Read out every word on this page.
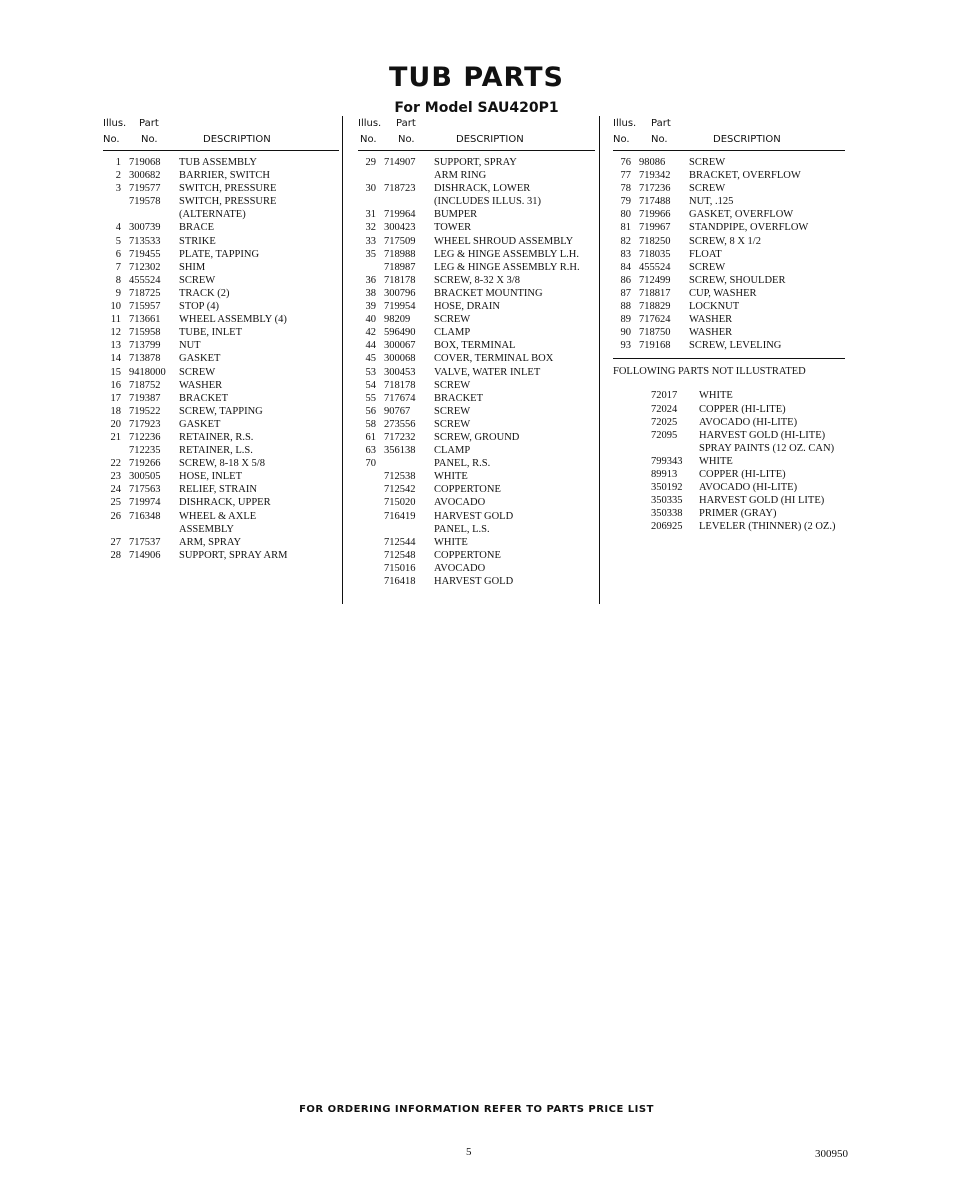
TUB PARTS
For Model SAU420P1
Illus. Part
No. No.	DESCRIPTION
1 719068 TUB ASSEMBLY
2 300682 BARRIER, SWITCH
3 719577 SWITCH, PRESSURE
719578 SWITCH, PRESSURE
(ALTERNATE)
4 300739 BRACE
5 713533 STRIKE
6 719455 PLATE, TAPPING
7 712302 SHIM
8 455524 SCREW
9 718725 TRACK (2)
10 715957 STOP (4)
11 713661 WHEEL ASSEMBLY (4)
12 715958 TUBE, INLET
13 713799 NUT
14 713878 GASKET
15 9418000 SCREW
16 718752 WASHER
17 719387 BRACKET
18 719522 SCREW, TAPPING
20 717923 GASKET
21 712236 RETAINER, R.S.
712235 RETAINER, L.S.
22 719266 SCREW, 8-18 X 5/8
23 300505 HOSE, INLET
24 717563 RELIEF, STRAIN
25 719974 DISHRACK, UPPER
26 716348 WHEEL & AXLE
ASSEMBLY
27 717537 ARM, SPRAY
28 714906 SUPPORT, SPRAY ARM
Illus. Part
No. No.	DESCRIPTION
29 714907 SUPPORT, SPRAY
ARM RING
30 718723 DISHRACK, LOWER
(INCLUDES ILLUS. 31)
31 719964 BUMPER
32 300423 TOWER
33 717509 WHEEL SHROUD ASSEMBLY
35 718988 LEG & HINGE ASSEMBLY L.H.
718987 LEG & HINGE ASSEMBLY R.H.
36 718178 SCREW, 8-32 X 3/8
38 300796 BRACKET MOUNTING
39 719954 HOSE, DRAIN
40 98209 SCREW
42 596490 CLAMP
44 300067 BOX, TERMINAL
45 300068 COVER, TERMINAL BOX
53 300453 VALVE, WATER INLET
54 718178 SCREW
55 717674 BRACKET
56 90767 SCREW
58 273556 SCREW
61 717232 SCREW, GROUND
63 356138 CLAMP
70	PANEL, R.S.
712538 WHITE
712542 COPPERTONE
715020 AVOCADO
716419 HARVEST GOLD
PANEL, L.S.
712544 WHITE
712548 COPPERTONE
715016 AVOCADO
716418 HARVEST GOLD
Illus. Part
No. No.	DESCRIPTION
76 98086 SCREW
77 719342 BRACKET, OVERFLOW
78 717236 SCREW
79 717488 NUT, .125
80 719966 GASKET, OVERFLOW
81 719967 STANDPIPE, OVERFLOW
82 718250 SCREW, 8 X 1/2
83 718035 FLOAT
84 455524 SCREW
86 712499 SCREW, SHOULDER
87 718817 CUP, WASHER
88 718829 LOCKNUT
89 717624 WASHER
90 718750 WASHER
93 719168 SCREW, LEVELING
FOLLOWING PARTS NOT ILLUSTRATED
72017 WHITE
72024 COPPER (HI-LITE)
72025 AVOCADO (HI-LITE)
72095 HARVEST GOLD (HI-LITE)
SPRAY PAINTS (12 OZ. CAN)
799343 WHITE
89913 COPPER (HI-LITE)
350192 AVOCADO (HI-LITE)
350335 HARVEST GOLD (HI LITE)
350338 PRIMER (GRAY)
206925 LEVELER (THINNER) (2 OZ.)
FOR ORDERING INFORMATION REFER TO PARTS PRICE LIST
5	300950
